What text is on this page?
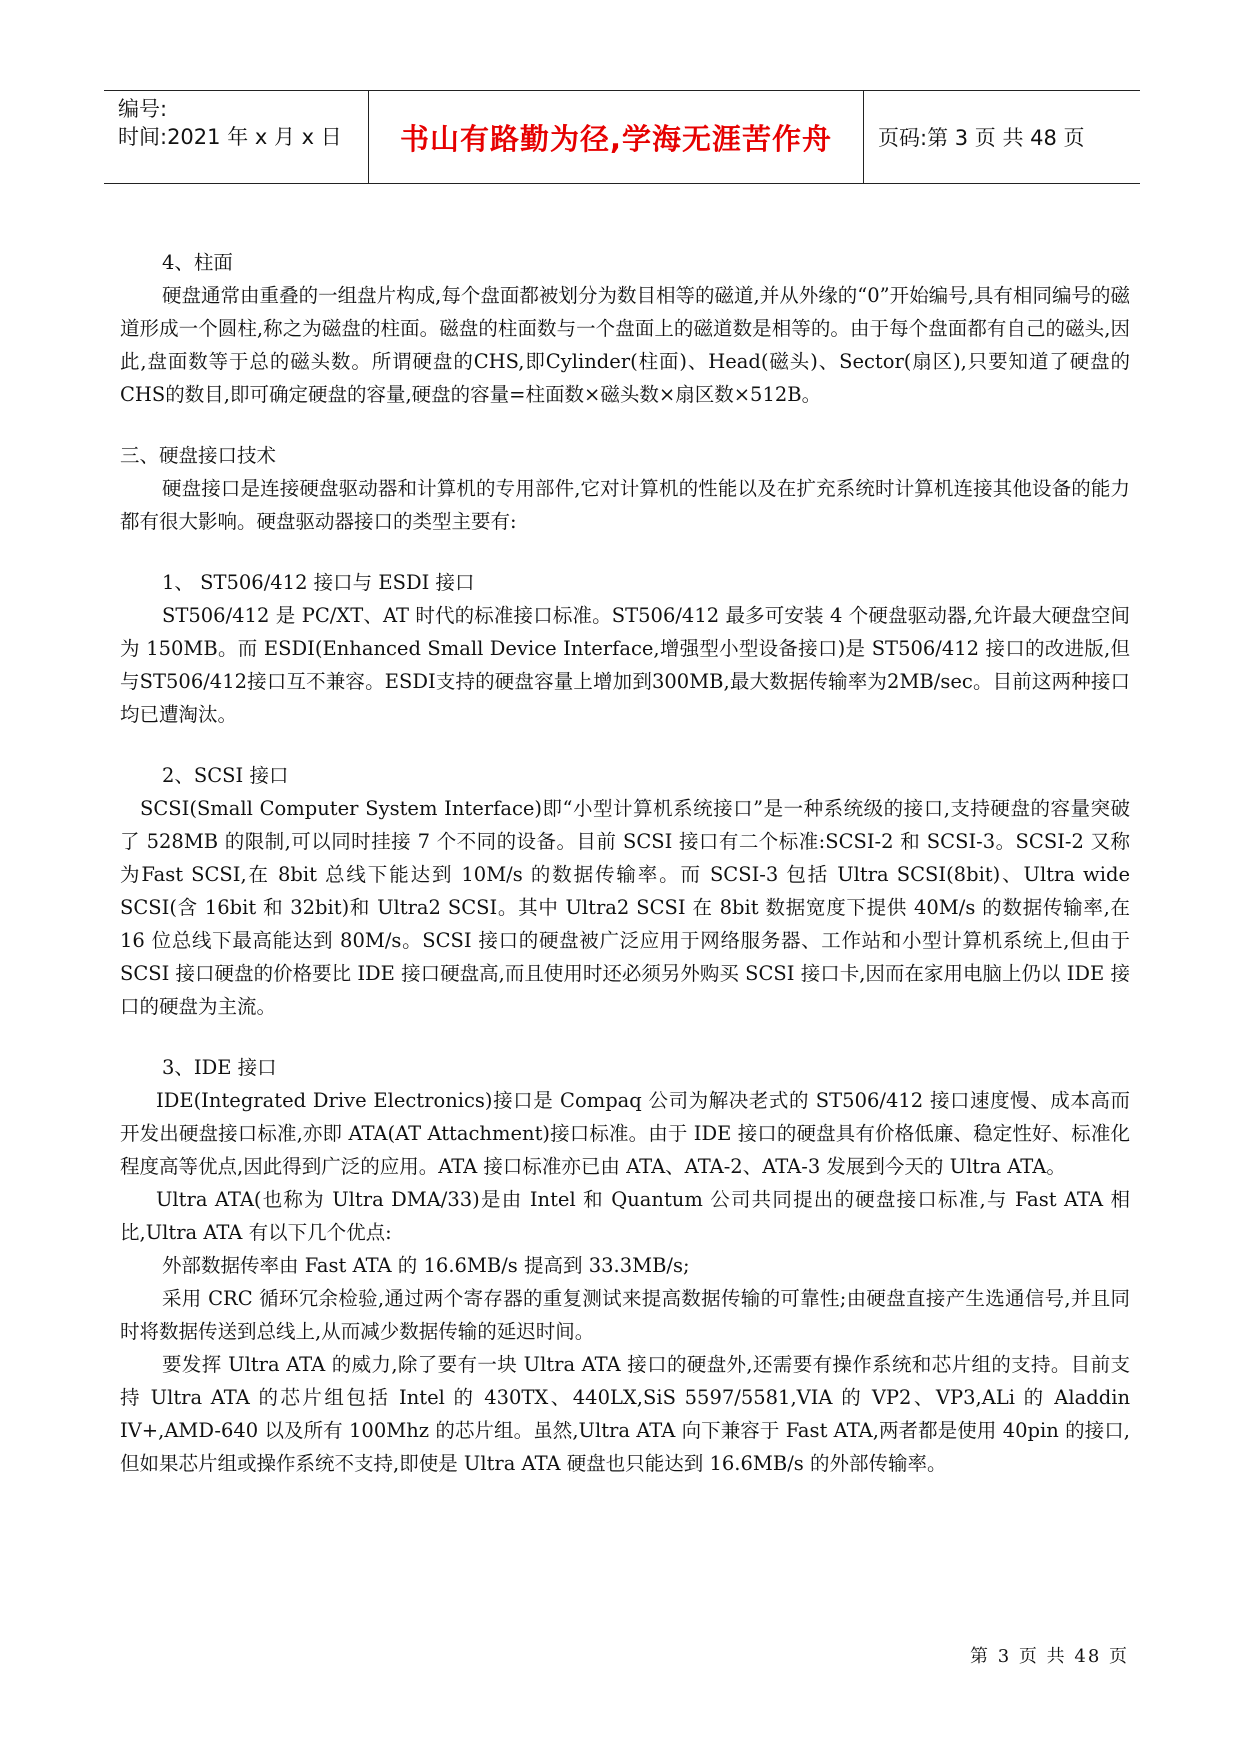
编号:
时间:2021 年 x 月 x 日 书山有路勤为径,学海无涯苦作舟 页码:第 3 页 共 48 页

4、柱面

硬盘通常由重叠的一组盘片构成,每个盘面都被划分为数目相等的磁道,并从外缘的“0”开始编号,具有相同编号的磁道形成一个圆柱,称之为磁盘的柱面。磁盘的柱面数与一个盘面上的磁道数是相等的。由于每个盘面都有自己的磁头,因此,盘面数等于总的磁头数。所谓硬盘的CHS,即Cylinder(柱面)、Head(磁头)、Sector(扇区),只要知道了硬盘的CHS的数目,即可确定硬盘的容量,硬盘的容量=柱面数×磁头数×扇区数×512B。

三、硬盘接口技术

硬盘接口是连接硬盘驱动器和计算机的专用部件,它对计算机的性能以及在扩充系统时计算机连接其他设备的能力都有很大影响。硬盘驱动器接口的类型主要有:

1、 ST506/412 接口与 ESDI 接口

ST506/412 是 PC/XT、AT 时代的标准接口标准。ST506/412 最多可安装 4 个硬盘驱动器,允许最大硬盘空间为 150MB。而 ESDI(Enhanced Small Device Interface,增强型小型设备接口)是 ST506/412 接口的改进版,但与ST506/412接口互不兼容。ESDI支持的硬盘容量上增加到300MB,最大数据传输率为2MB/sec。目前这两种接口均已遭淘汰。

2、SCSI 接口

SCSI(Small Computer System Interface)即“小型计算机系统接口”是一种系统级的接口,支持硬盘的容量突破了 528MB 的限制,可以同时挂接 7 个不同的设备。目前 SCSI 接口有二个标准:SCSI-2 和 SCSI-3。SCSI-2 又称为Fast SCSI,在 8bit 总线下能达到 10M/s 的数据传输率。而 SCSI-3 包括 Ultra SCSI(8bit)、Ultra wide SCSI(含 16bit 和 32bit)和 Ultra2 SCSI。其中 Ultra2 SCSI 在 8bit 数据宽度下提供 40M/s 的数据传输率,在 16 位总线下最高能达到 80M/s。SCSI 接口的硬盘被广泛应用于网络服务器、工作站和小型计算机系统上,但由于 SCSI 接口硬盘的价格要比 IDE 接口硬盘高,而且使用时还必须另外购买 SCSI 接口卡,因而在家用电脑上仍以 IDE 接口的硬盘为主流。

3、IDE 接口

IDE(Integrated Drive Electronics)接口是 Compaq 公司为解决老式的 ST506/412 接口速度慢、成本高而开发出硬盘接口标准,亦即 ATA(AT Attachment)接口标准。由于 IDE 接口的硬盘具有价格低廉、稳定性好、标准化程度高等优点,因此得到广泛的应用。ATA 接口标准亦已由 ATA、ATA-2、ATA-3 发展到今天的 Ultra ATA。

Ultra ATA(也称为 Ultra DMA/33)是由 Intel 和 Quantum 公司共同提出的硬盘接口标准,与 Fast ATA 相比,Ultra ATA 有以下几个优点:

外部数据传率由 Fast ATA 的 16.6MB/s 提高到 33.3MB/s;

采用 CRC 循环冗余检验,通过两个寄存器的重复测试来提高数据传输的可靠性;由硬盘直接产生选通信号,并且同时将数据传送到总线上,从而减少数据传输的延迟时间。

要发挥 Ultra ATA 的威力,除了要有一块 Ultra ATA 接口的硬盘外,还需要有操作系统和芯片组的支持。目前支持 Ultra ATA 的芯片组包括 Intel 的 430TX、440LX,SiS 5597/5581,VIA 的 VP2、VP3,ALi 的 Aladdin IV+,AMD-640 以及所有 100Mhz 的芯片组。虽然,Ultra ATA 向下兼容于 Fast ATA,两者都是使用 40pin 的接口,但如果芯片组或操作系统不支持,即使是 Ultra ATA 硬盘也只能达到 16.6MB/s 的外部传输率。

第 3 页 共 48 页
